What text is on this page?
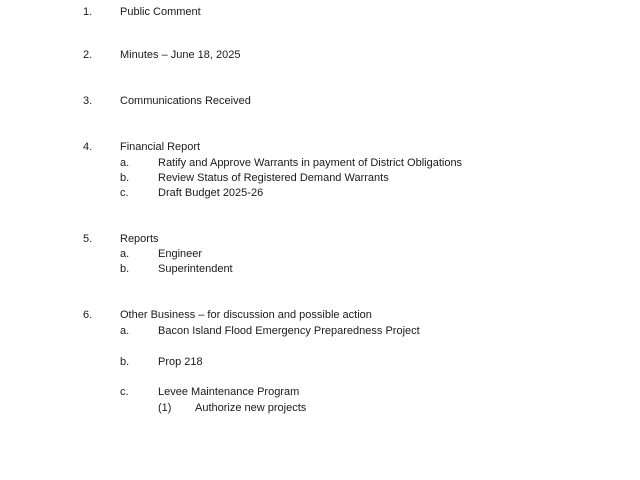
1.	Public Comment
2.	Minutes – June 18, 2025
3.	Communications Received
4.	Financial Report
a.	Ratify and Approve Warrants in payment of District Obligations
b.	Review Status of Registered Demand Warrants
c.	Draft Budget 2025-26
5.	Reports
a.	Engineer
b.	Superintendent
6.	Other Business – for discussion and possible action
a.	Bacon Island Flood Emergency Preparedness Project
b.	Prop 218
c.	Levee Maintenance Program
(1) Authorize new projects
